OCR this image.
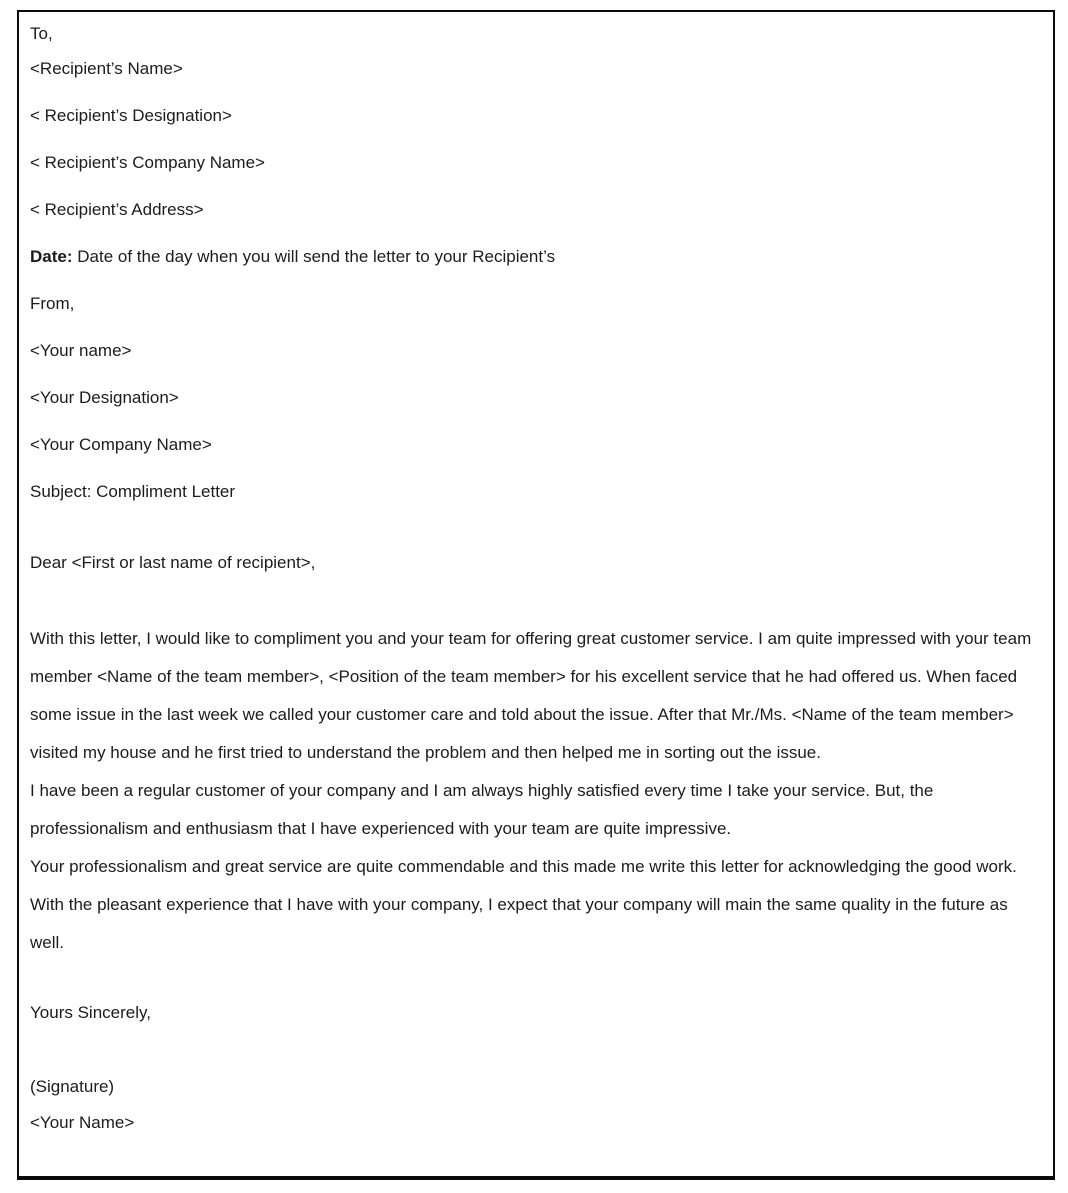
To,
<Recipient’s Name>
< Recipient’s Designation>
< Recipient’s Company Name>
< Recipient’s Address>
Date: Date of the day when you will send the letter to your Recipient’s
From,
<Your name>
<Your Designation>
<Your Company Name>
Subject: Compliment Letter
Dear <First or last name of recipient>,

With this letter, I would like to compliment you and your team for offering great customer service. I am quite impressed with your team member <Name of the team member>, <Position of the team member> for his excellent service that he had offered us. When faced some issue in the last week we called your customer care and told about the issue. After that Mr./Ms. <Name of the team member> visited my house and he first tried to understand the problem and then helped me in sorting out the issue.

I have been a regular customer of your company and I am always highly satisfied every time I take your service. But, the professionalism and enthusiasm that I have experienced with your team are quite impressive.

Your professionalism and great service are quite commendable and this made me write this letter for acknowledging the good work. With the pleasant experience that I have with your company, I expect that your company will main the same quality in the future as well.

Yours Sincerely,
(Signature)
<Your Name>
